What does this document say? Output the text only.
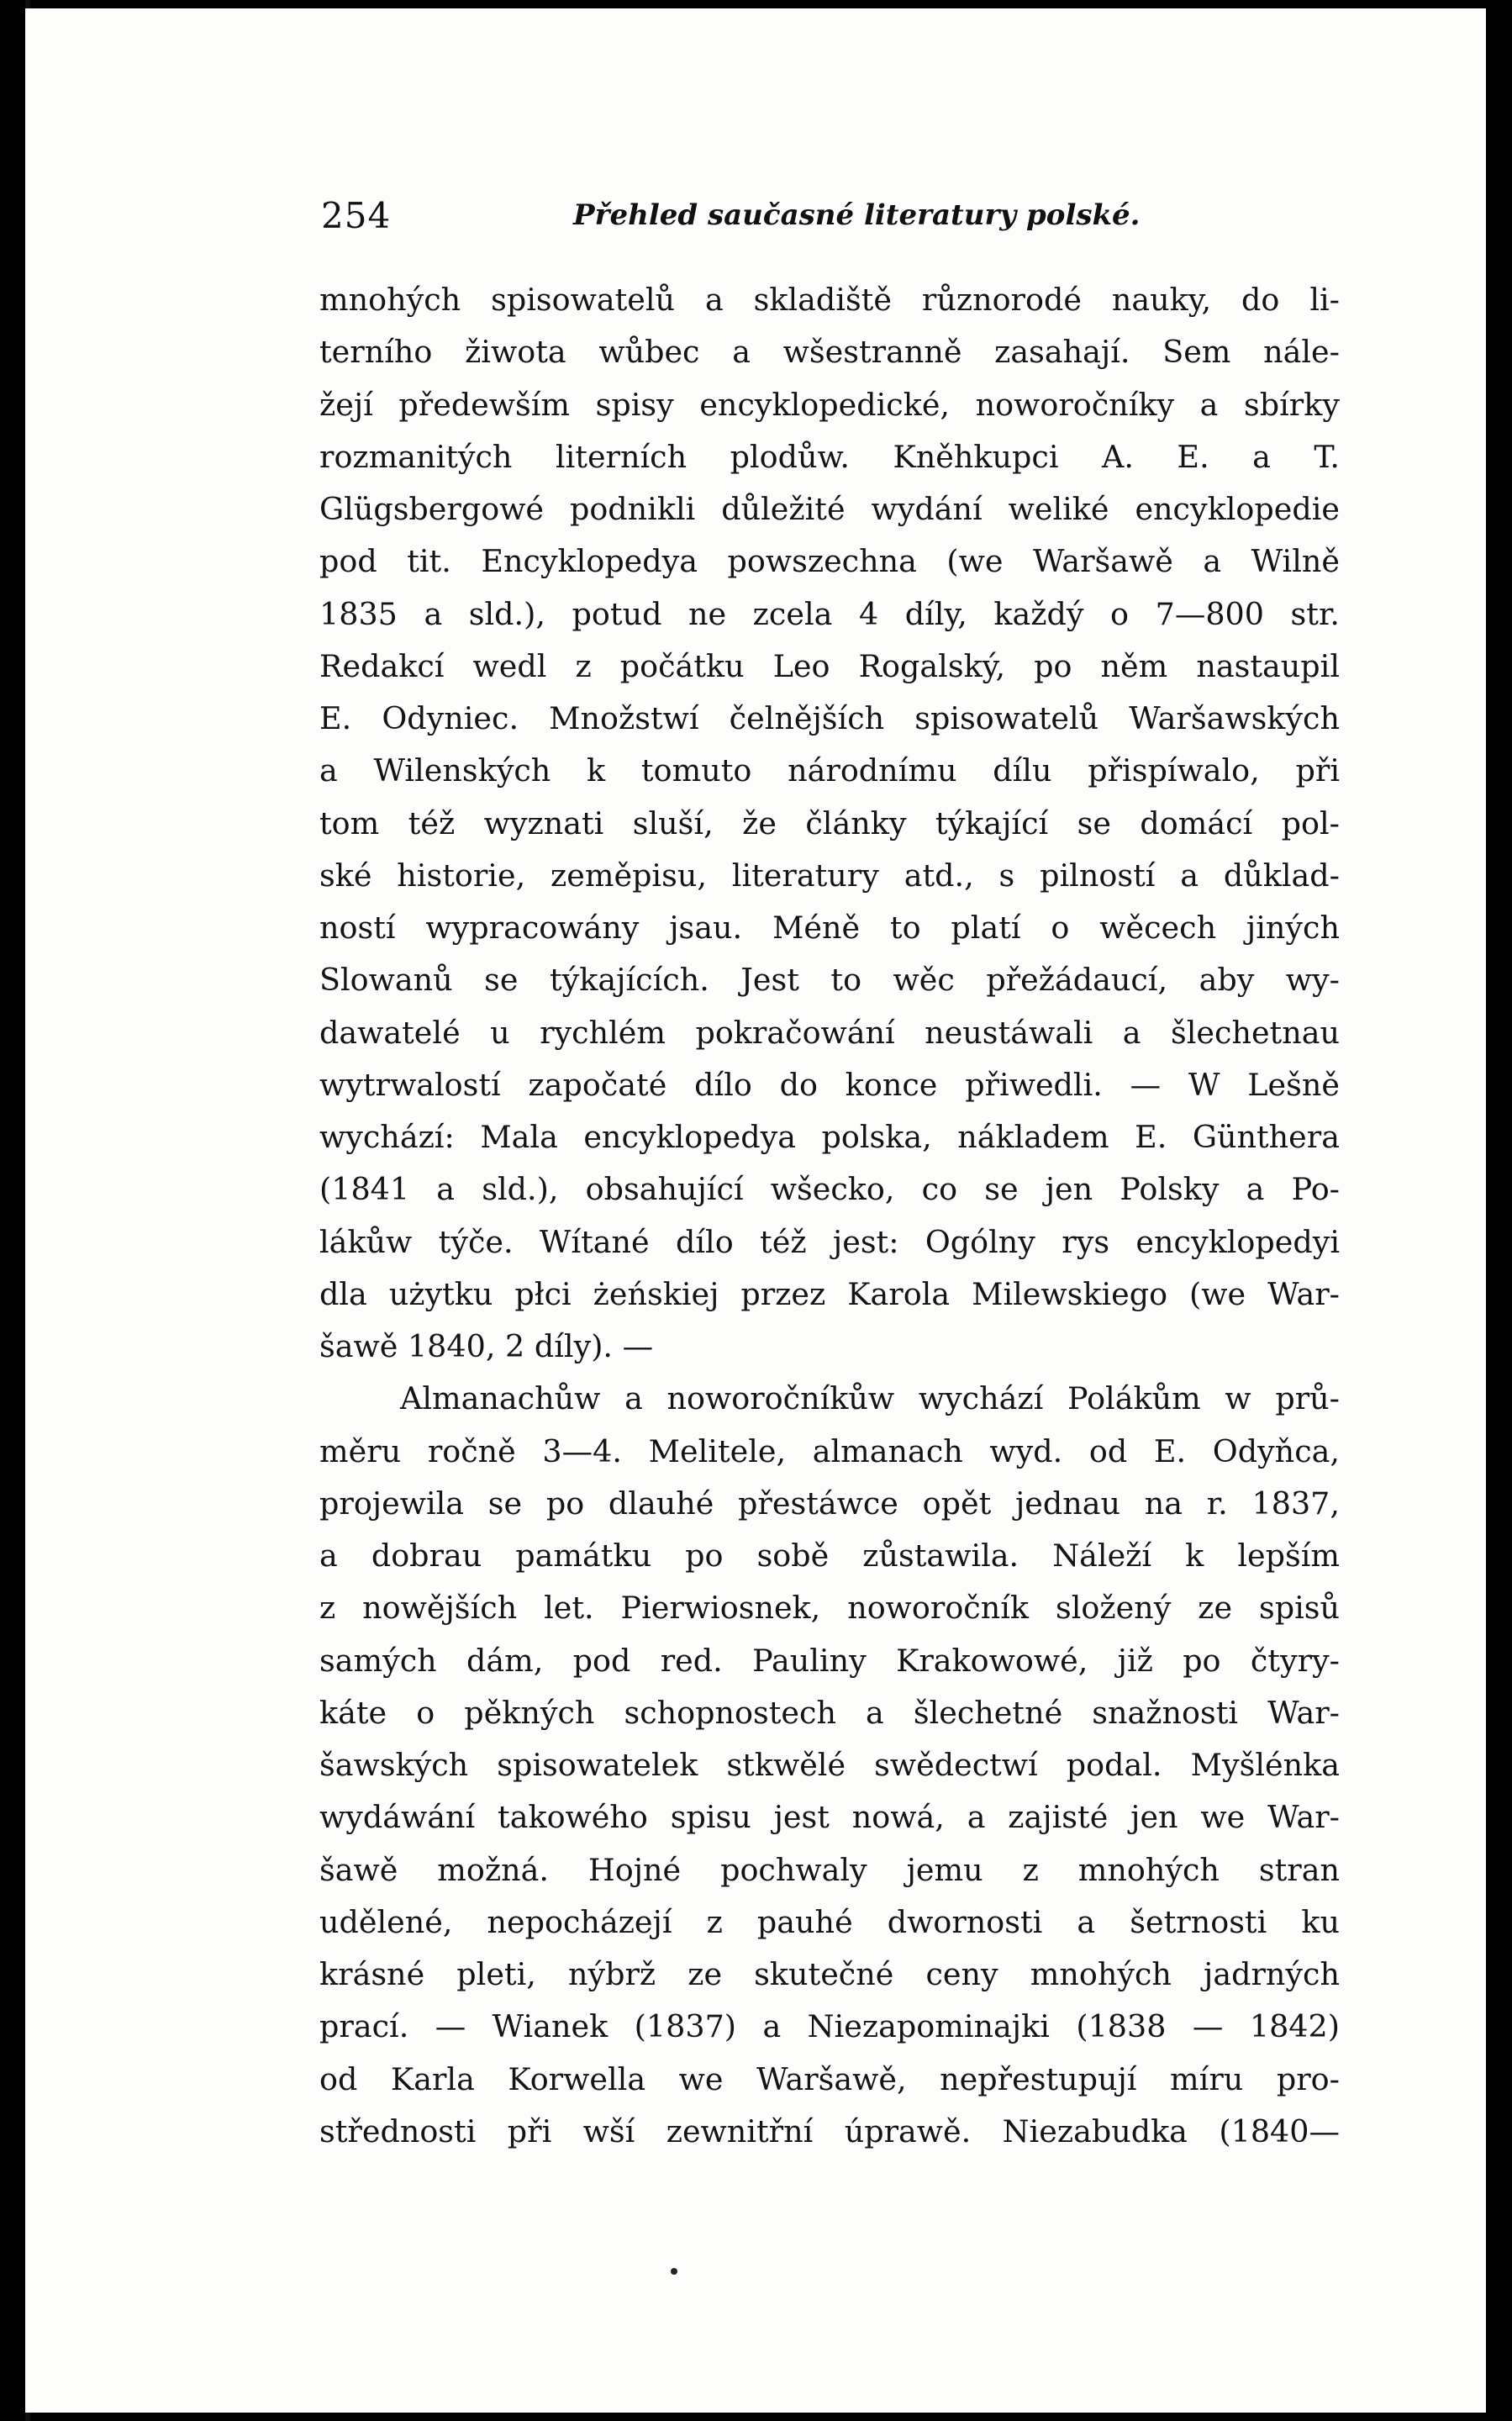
254	Přehled saučasné literatury polské.
mnohých spisowatelů a skladiště různorodé nauky, do li-
terního žiwota wůbec a wšestranně zasahají. Sem nále-
žejí předewším spisy encyklopedické, noworočníky a sbírky
rozmanitých literních plodůw. Kněhkupci A. E. a T.
Glügsbergowé podnikli důležité wydání weliké encyklopedie
pod tit. Encyklopedya powszechna (we Waršawě a Wilně
1835 a sld.), potud ne zcela 4 díly, každý o 7—800 str.
Redakcí wedl z počátku Leo Rogalský, po něm nastaupil
E. Odyniec. Množstwí čelnějších spisowatelů Waršawských
a Wilenských k tomuto národnímu dílu přispíwalo, při
tom též wyznati sluší, že články týkající se domácí pol-
ské historie, zeměpisu, literatury atd., s pilností a důklad-
ností wypracowány jsau. Méně to platí o wěcech jiných
Slowanů se týkajících. Jest to wěc přežádaucí, aby wy-
dawatelé u rychlém pokračowání neustáwali a šlechetnau
wytrwalostí započaté dílo do konce přiwedli. — W Lešně
wychází: Mala encyklopedya polska, nákladem E. Günthera
(1841 a sld.), obsahující wšecko, co se jen Polsky a Po-
lákůw týče. Wítané dílo též jest: Ogólny rys encyklopedyi
dla użytku płci żeńskiej przez Karola Milewskiego (we War-
šawě 1840, 2 díly). —
Almanachůw a noworočníkůw wychází Polákům w prů-
měru ročně 3—4. Melitele, almanach wyd. od E. Odyňca,
projewila se po dlauhé přestáwce opět jednau na r. 1837,
a dobrau památku po sobě zůstawila. Náleží k lepším
z nowějších let. Pierwiosnek, noworočník složený ze spisů
samých dám, pod red. Pauliny Krakowowé, již po čtyry-
káte o pěkných schopnostech a šlechetné snažnosti War-
šawských spisowatelek stkwělé swědectwí podal. Myšlénka
wydáwání takowého spisu jest nowá, a zajisté jen we War-
šawě možná. Hojné pochwaly jemu z mnohých stran
udělené, nepocházejí z pauhé dwornosti a šetrnosti ku
krásné pleti, nýbrž ze skutečné ceny mnohých jadrných
prací. — Wianek (1837) a Niezapominajki (1838 — 1842)
od Karla Korwella we Waršawě, nepřestupují míru pro-
střednosti při wší zewnitřní úprawě. Niezabudka (1840—
